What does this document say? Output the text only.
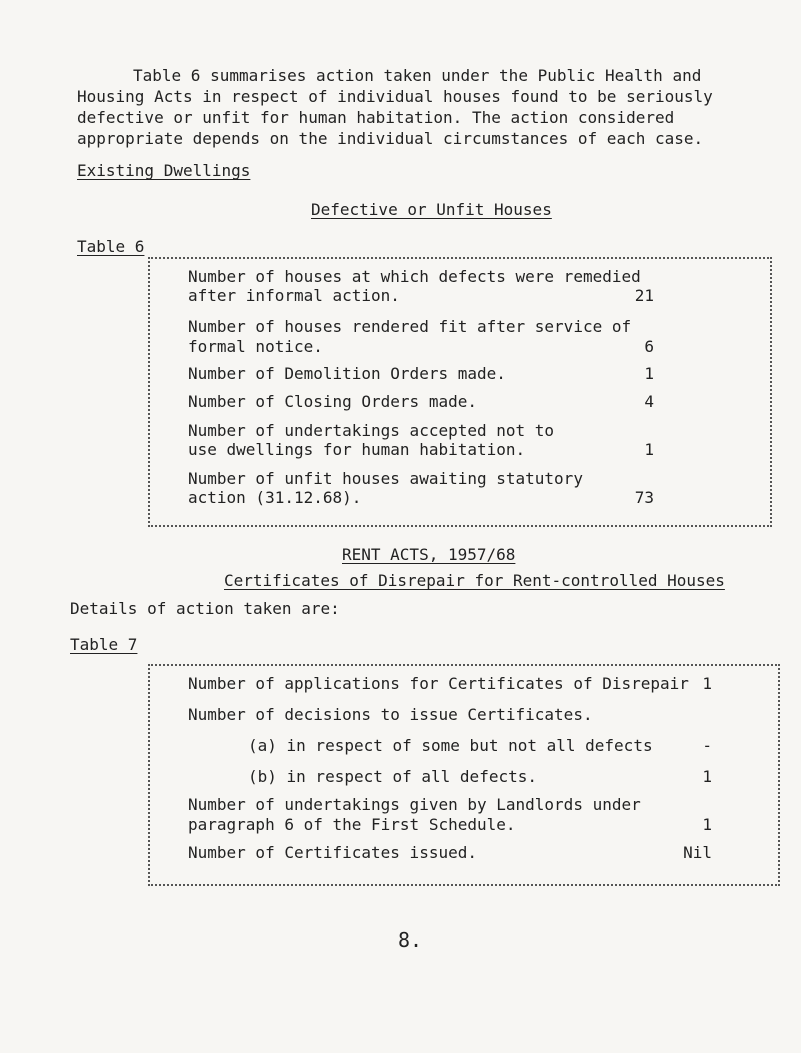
Table 6 summarises action taken under the Public Health and
Housing Acts in respect of individual houses found to be seriously
defective or unfit for human habitation. The action considered
appropriate depends on the individual circumstances of each case.
Existing Dwellings
Defective or Unfit Houses
Table 6
Number of houses at which defects were remedied
after informal action.	21
Number of houses rendered fit after service of
formal notice.	6
Number of Demolition Orders made.	1
Number of Closing Orders made.	4
Number of undertakings accepted not to
use dwellings for human habitation.	1
Number of unfit houses awaiting statutory
action (31.12.68).	73
RENT ACTS, 1957/68
Certificates of Disrepair for Rent-controlled Houses
Details of action taken are:
Table 7
Number of applications for Certificates of Disrepair 1
Number of decisions to issue Certificates.
(a) in respect of some but not all defects	-
(b) in respect of all defects.	1
Number of undertakings given by Landlords under
paragraph 6 of the First Schedule.	1
Number of Certificates issued.	Nil
8.
